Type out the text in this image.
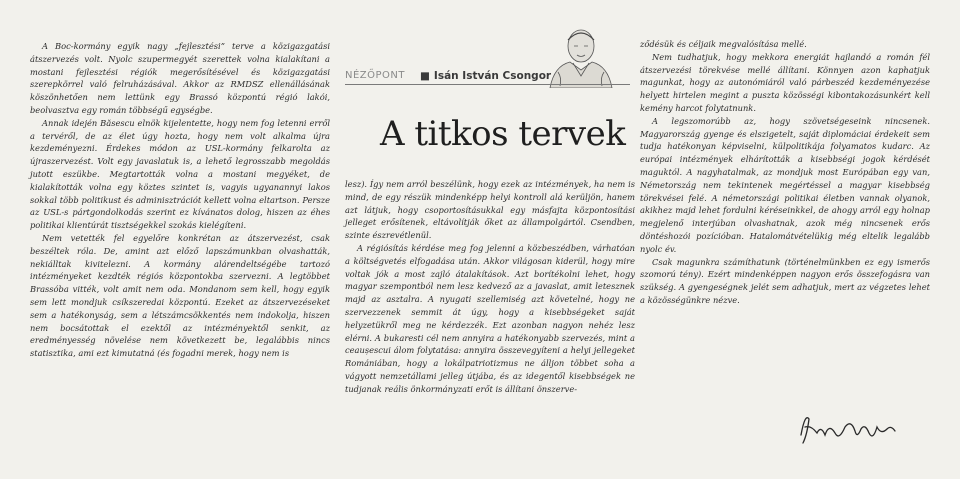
NÉZŐPONT ■ Isán István Csongor
A titkos tervek

A Boc-kormány egyik nagy „fejlesztési” terve a közigazgatási átszervezés volt. Nyolc szupermegyét szerettek volna kialakítani a mostani fejlesztési régiók megerősítésével és közigazgatási szerepkörrel való felruházásával. Akkor az RMDSZ ellenállásának köszönhetően nem lettünk egy Brassó központú régió lakói, beolvasztva egy román többségű egységbe.

Annak idején Băsescu elnök kijelentette, hogy nem fog letenni erről a tervéről, de az élet úgy hozta, hogy nem volt alkalma újra kezdeményezni. Érdekes módon az USL-kormány felkarolta az újraszervezést. Volt egy javaslatuk is, a lehető legrosszabb megoldás jutott eszükbe. Megtartották volna a mostani megyéket, de kialakították volna egy köztes szintet is, vagyis ugyanannyi lakos sokkal több politikust és adminisztrációt kellett volna eltartson. Persze az USL-s pártgondolkodás szerint ez kívánatos dolog, hiszen az éhes politikai klientúrát tisztségekkel szokás kielégíteni.

Nem vetették fel egyelőre konkrétan az átszervezést, csak beszéltek róla. De, amint azt előző lapszámunkban olvashatták, nekiálltak kivitelezni. A kormány alárendeltségébe tartozó intézményeket kezdték régiós központokba szervezni. A legtöbbet Brassóba vitték, volt amit nem oda. Mondanom sem kell, hogy egyik sem lett mondjuk csíkszeredai központú. Ezeket az átszervezéseket sem a hatékonyság, sem a létszámcsökkentés nem indokolja, hiszen nem bocsátottak el ezektől az intézményektől senkit, az eredményesség növelése nem következett be, legalábbis nincs statisztika, ami ezt kimutatná (és fogadni merek, hogy nem is

lesz). Így nem arról beszélünk, hogy ezek az intézmények, ha nem is mind, de egy részük mindenképp helyi kontroll alá kerüljön, hanem azt látjuk, hogy csoportosításukkal egy másfajta központosítási jelleget erősítenek, eltávolítják őket az állampolgártól. Csendben, szinte észrevétlenül.

A régiósítás kérdése meg fog jelenni a közbeszédben, várhatóan a költségvetés elfogadása után. Akkor világosan kiderül, hogy mire voltak jók a most zajló átalakítások. Azt borítékolni lehet, hogy magyar szempontból nem lesz kedvező az a javaslat, amit letesznek majd az asztalra. A nyugati szellemiség azt követelné, hogy ne szervezzenek semmit át úgy, hogy a kisebbségeket saját helyzetükről meg ne kérdezzék. Ezt azonban nagyon nehéz lesz elérni. A bukaresti cél nem annyira a hatékonyabb szervezés, mint a ceaușescui álom folytatása: annyira összevegyíteni a helyi jellegeket Romániában, hogy a lokálpatriotizmus ne álljon többet soha a vágyott nemzetállami jelleg útjába, és az idegentől kisebbségek ne tudjanak reális önkormányzati erőt is állítani önszerve-

ződésük és céljaik megvalósítása mellé.

Nem tudhatjuk, hogy mekkora energiát hajlandó a román fél átszervezési törekvése mellé állítani. Könnyen azon kaphatjuk magunkat, hogy az autonómiáról való párbeszéd kezdeményezése helyett hirtelen megint a puszta közösségi kibontakozásunkért kell kemény harcot folytatnunk.

A legszomorúbb az, hogy szövetségeseink nincsenek. Magyarország gyenge és elszigetelt, saját diplomáciai érdekeit sem tudja hatékonyan képviselni, külpolitikája folyamatos kudarc. Az európai intézmények elhárították a kisebbségi jogok kérdését maguktól. A nagyhatalmak, az mondjuk most Európában egy van, Németország nem tekintenek megértéssel a magyar kisebbség törekvései felé. A németországi politikai életben vannak olyanok, akikhez majd lehet fordulni kéréseinkkel, de ahogy arról egy holnap megjelenő interjúban olvashatnak, azok még nincsenek erős döntéshozói pozícióban. Hatalomátvételükig még eltelik legalább nyolc év.

Csak magunkra számíthatunk (történelmünkben ez egy ismerős szomorú tény). Ezért mindenképpen nagyon erős összefogásra van szükség. A gyengeségnek jelét sem adhatjuk, mert az végzetes lehet a közösségünkre nézve.
